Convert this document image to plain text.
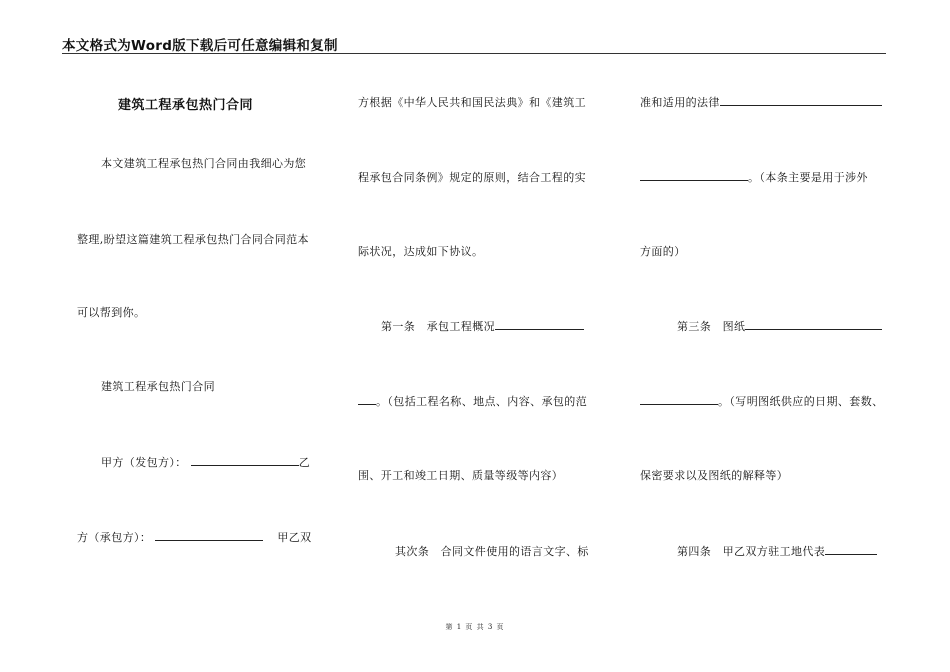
本文格式为Word版下载后可任意编辑和复制
建筑工程承包热门合同
本文建筑工程承包热门合同由我细心为您
整理,盼望这篇建筑工程承包热门合同合同范本
可以帮到你。
建筑工程承包热门合同
甲方（发包方）：	乙
方（承包方）：	甲乙双
方根据《中华人民共和国民法典》和《建筑工
程承包合同条例》规定的原则，结合工程的实
际状况，达成如下协议。
第一条　承包工程概况
。（包括工程名称、地点、内容、承包的范
围、开工和竣工日期、质量等级等内容）
其次条　合同文件使用的语言文字、标
准和适用的法律
。（本条主要是用于涉外
方面的）
第三条　图纸
。（写明图纸供应的日期、套数、
保密要求以及图纸的解释等）
第四条　甲乙双方驻工地代表
第 1 页 共 3 页
